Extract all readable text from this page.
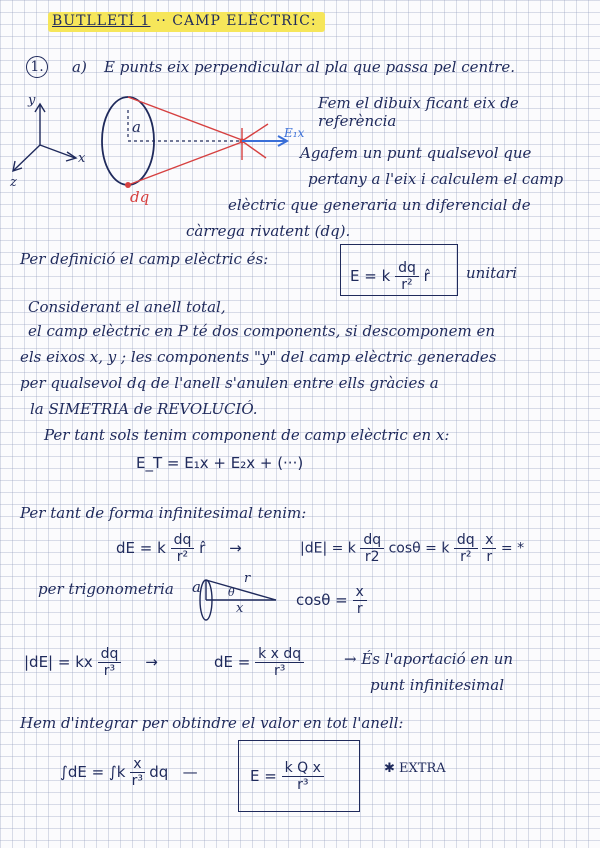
BUTLLETÍ 1 ·· CAMP ELÈCTRIC:
1. a) E punts eix perpendicular al pla que passa pel centre.
y
x
z
a
dq
E₁x
Fem el dibuix ficant eix de
referència
Agafem un punt qualsevol que
pertany a l'eix i calculem el camp
elèctric que generaria un diferencial de
càrrega rivatent (dq).
Per definició el camp elèctric és:
E = k $\frac{dq}{\text{r²}}$ r̂ unitari
Considerant el anell total,
el camp elèctric en P té dos components, si descomponem en
els eixos x, y ; les components "y" del camp elèctric generades
per qualsevol dq de l'anell s'anulen entre ells gràcies a
la SIMETRIA de REVOLUCIÓ.
Per tant sols tenim component de camp elèctric en x:
E_T = E₁x + E₂x + (···)
Per tant de forma infinitesimal tenim:
dE = k $\frac{dq}{\text{r²}}$ r̂ →	|dE| = k $\frac{dq}{r2}$ cosθ = k $\frac{dq}{\text{r²}}$
$\frac{x}{r}$ = *
per trigonometria a	r
θ
x	$\cos\theta = \frac{x}{r}$
|dE| = kx $\frac{dq}{\text{r³}}$ →	dE = $\frac{\text{k x dq}}{\text{r³}}$	→ És l'aportació en un
punt infinitesimal
Hem d'integrar per obtindre el valor en tot l'anell:
$\int dE = \int k \frac{x}{\text{r³}}$ dq   —	$E = \frac{\text{k Q x}}{\text{r³}}$	✱ EXTRA
